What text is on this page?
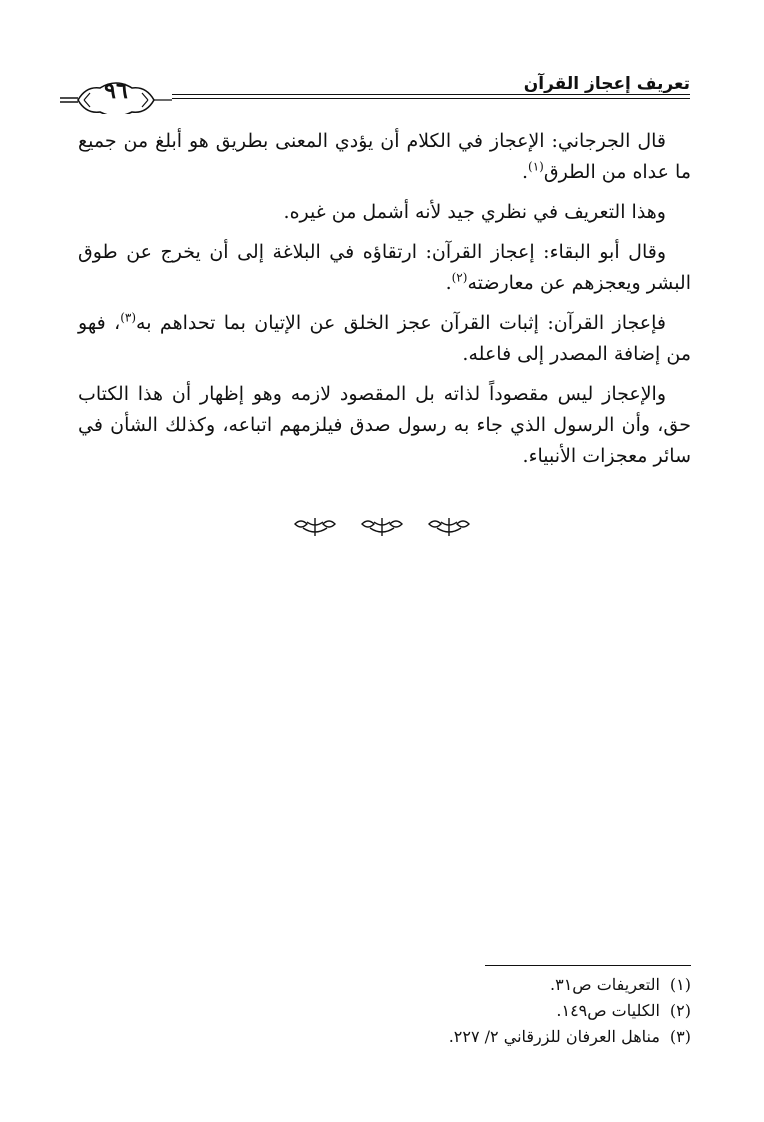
٩٦	تعريف إعجاز القرآن

قال الجرجاني: الإعجاز في الكلام أن يؤدي المعنى بطريق هو أبلغ من جميع ما عداه من الطرق$^{(١)}$.

وهذا التعريف في نظري جيد لأنه أشمل من غيره.

وقال أبو البقاء: إعجاز القرآن: ارتقاؤه في البلاغة إلى أن يخرج عن طوق البشر ويعجزهم عن معارضته$^{(٢)}$.

فإعجاز القرآن: إثبات القرآن عجز الخلق عن الإتيان بما تحداهم به$^{(٣)}$، فهو من إضافة المصدر إلى فاعله.

والإعجاز ليس مقصوداً لذاته بل المقصود لازمه وهو إظهار أن هذا الكتاب حق، وأن الرسول الذي جاء به رسول صدق فيلزمهم اتباعه، وكذلك الشأن في سائر معجزات الأنبياء.

(١)التعريفات ص٣١.
(٢)الكليات ص١٤٩.
(٣)مناهل العرفان للزرقاني ٢/ ٢٢٧.
